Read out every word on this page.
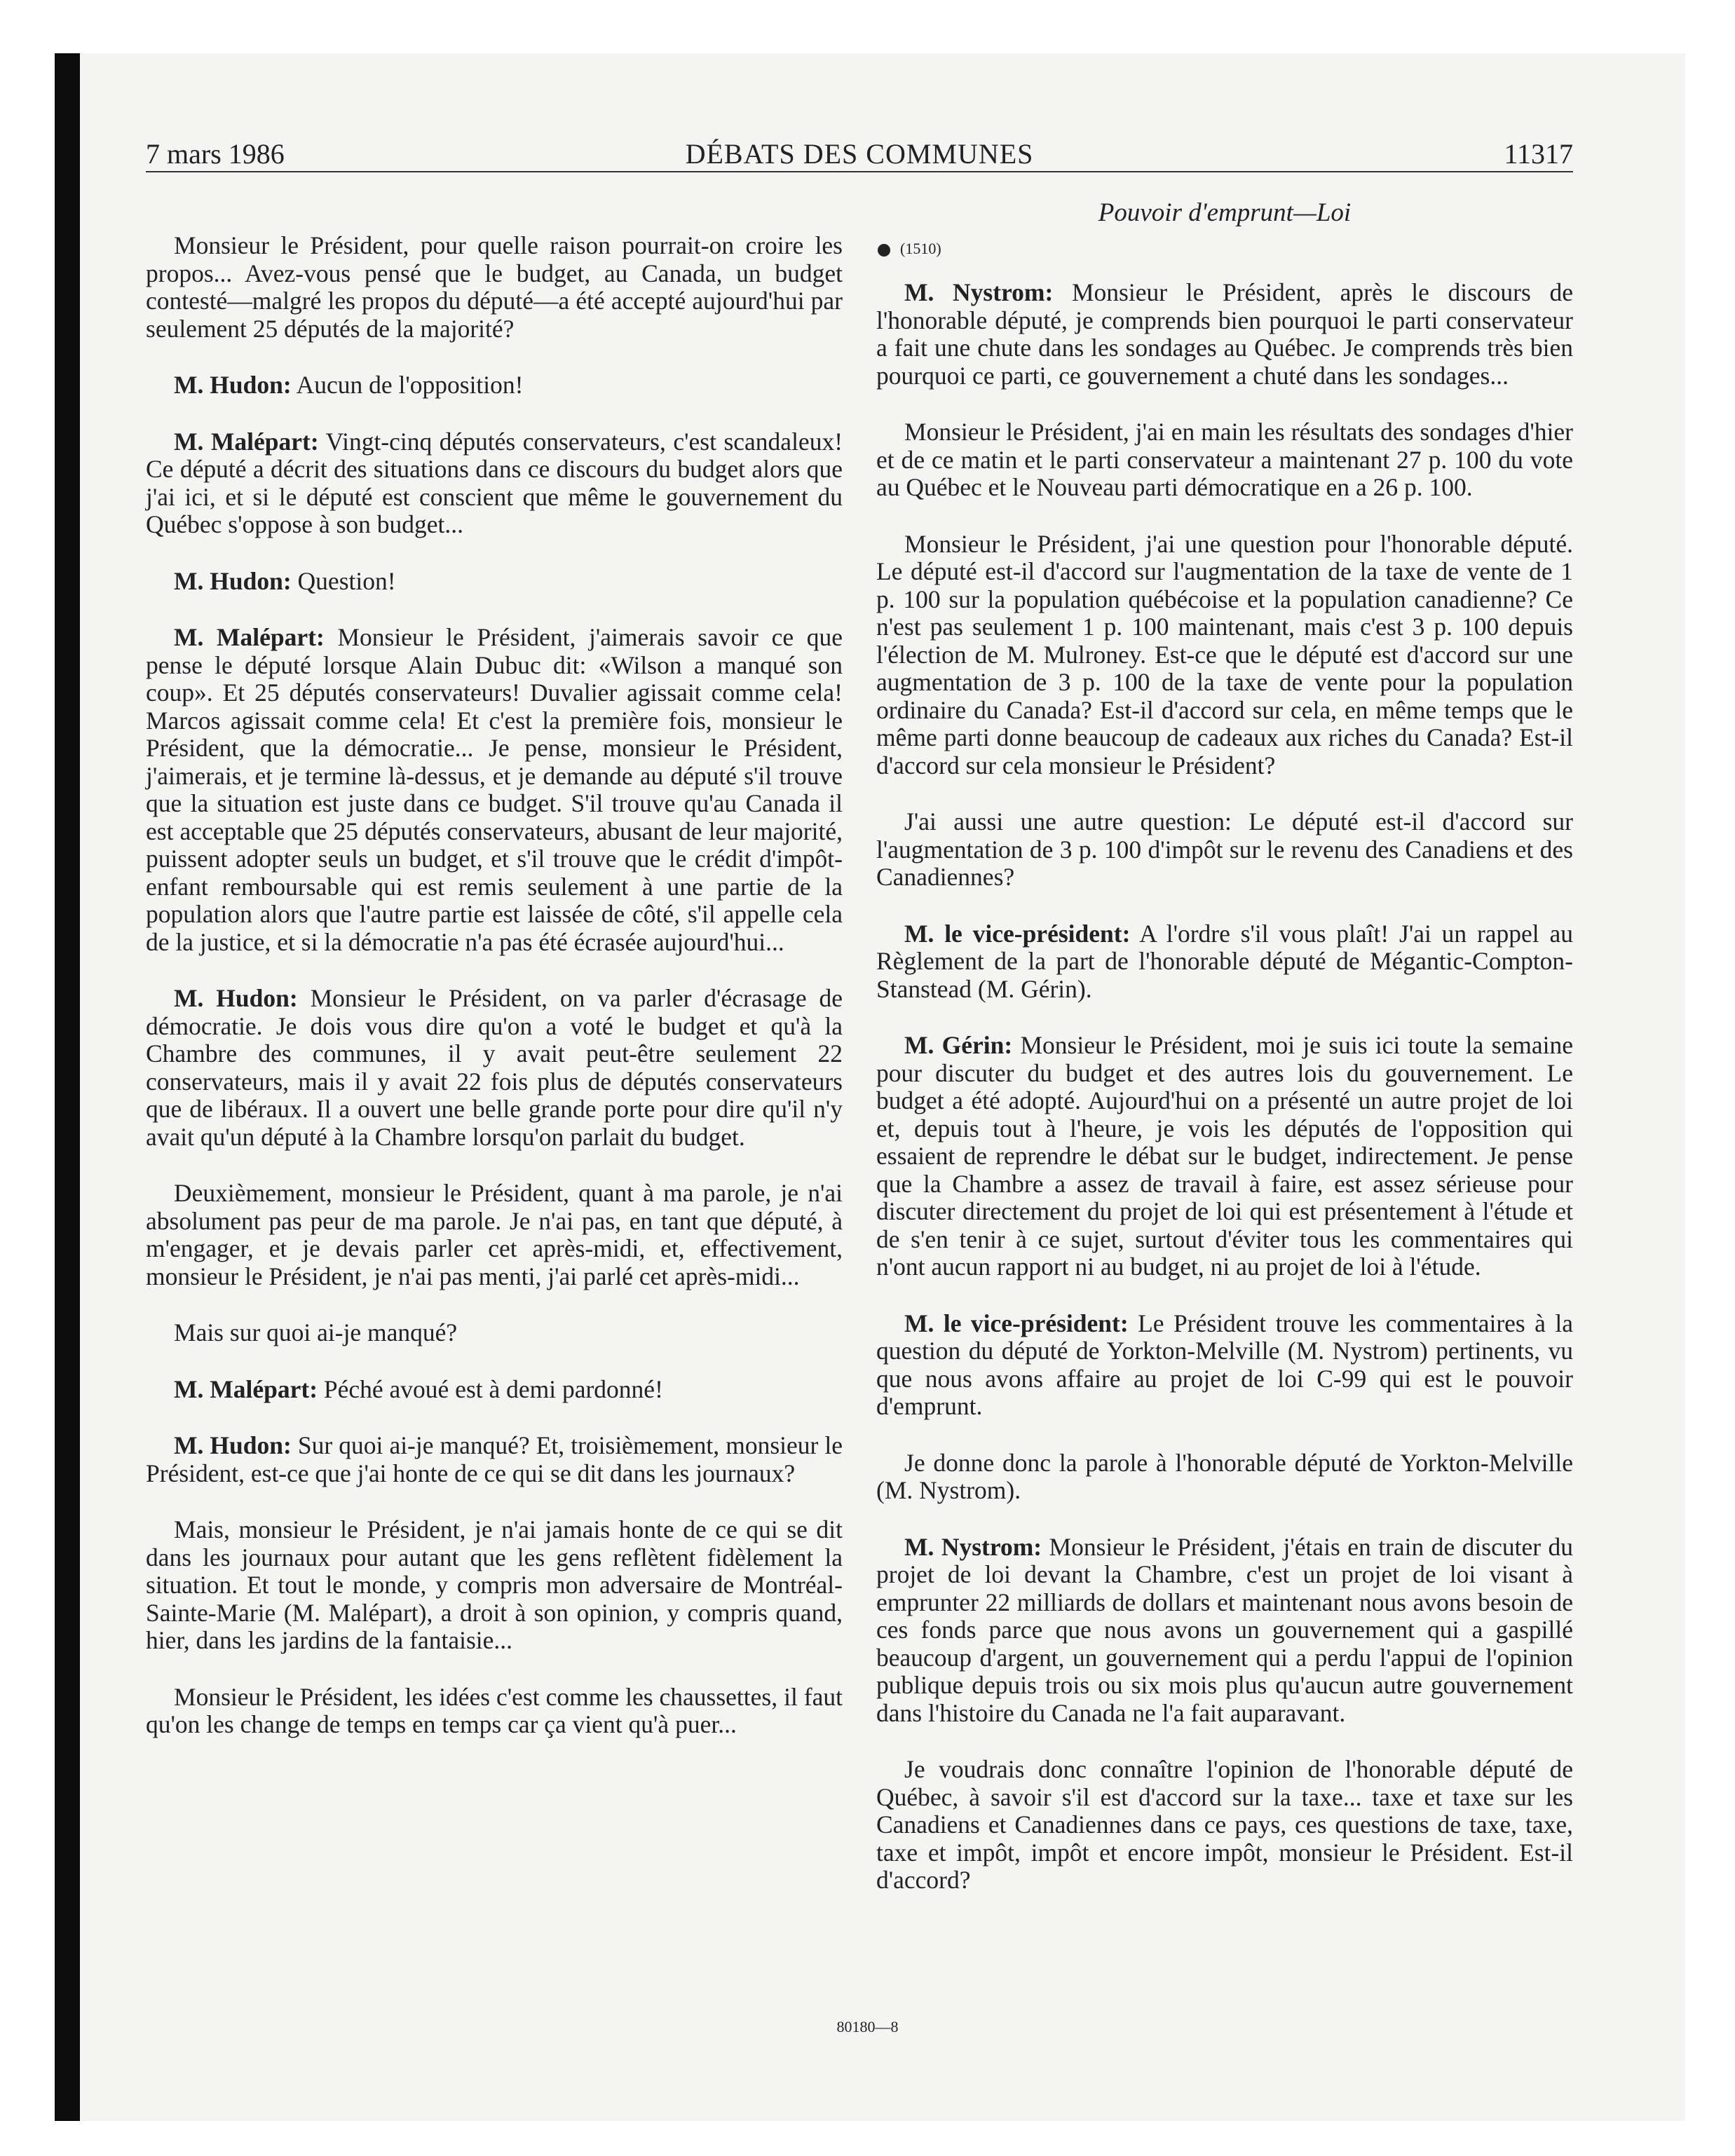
7 mars 1986	DÉBATS DES COMMUNES	11317
Pouvoir d'emprunt—Loi
(1510)

Monsieur le Président, pour quelle raison pourrait-on croire les propos... Avez-vous pensé que le budget, au Canada, un budget contesté—malgré les propos du député—a été accepté aujourd'hui par seulement 25 députés de la majorité?

M. Hudon: Aucun de l'opposition!

M. Malépart: Vingt-cinq députés conservateurs, c'est scandaleux! Ce député a décrit des situations dans ce discours du budget alors que j'ai ici, et si le député est conscient que même le gouvernement du Québec s'oppose à son budget...

M. Hudon: Question!

M. Malépart: Monsieur le Président, j'aimerais savoir ce que pense le député lorsque Alain Dubuc dit: «Wilson a manqué son coup». Et 25 députés conservateurs! Duvalier agissait comme cela! Marcos agissait comme cela! Et c'est la première fois, monsieur le Président, que la démocratie... Je pense, monsieur le Président, j'aimerais, et je termine là-dessus, et je demande au député s'il trouve que la situation est juste dans ce budget. S'il trouve qu'au Canada il est acceptable que 25 députés conservateurs, abusant de leur majorité, puissent adopter seuls un budget, et s'il trouve que le crédit d'impôt-enfant remboursable qui est remis seulement à une partie de la population alors que l'autre partie est laissée de côté, s'il appelle cela de la justice, et si la démocratie n'a pas été écrasée aujourd'hui...

M. Hudon: Monsieur le Président, on va parler d'écrasage de démocratie. Je dois vous dire qu'on a voté le budget et qu'à la Chambre des communes, il y avait peut-être seulement 22 conservateurs, mais il y avait 22 fois plus de députés conservateurs que de libéraux. Il a ouvert une belle grande porte pour dire qu'il n'y avait qu'un député à la Chambre lorsqu'on parlait du budget.

Deuxièmement, monsieur le Président, quant à ma parole, je n'ai absolument pas peur de ma parole. Je n'ai pas, en tant que député, à m'engager, et je devais parler cet après-midi, et, effectivement, monsieur le Président, je n'ai pas menti, j'ai parlé cet après-midi...

Mais sur quoi ai-je manqué?

M. Malépart: Péché avoué est à demi pardonné!

M. Hudon: Sur quoi ai-je manqué? Et, troisièmement, monsieur le Président, est-ce que j'ai honte de ce qui se dit dans les journaux?

Mais, monsieur le Président, je n'ai jamais honte de ce qui se dit dans les journaux pour autant que les gens reflètent fidèlement la situation. Et tout le monde, y compris mon adversaire de Montréal-Sainte-Marie (M. Malépart), a droit à son opinion, y compris quand, hier, dans les jardins de la fantaisie...

Monsieur le Président, les idées c'est comme les chaussettes, il faut qu'on les change de temps en temps car ça vient qu'à puer...

M. Nystrom: Monsieur le Président, après le discours de l'honorable député, je comprends bien pourquoi le parti conservateur a fait une chute dans les sondages au Québec. Je comprends très bien pourquoi ce parti, ce gouvernement a chuté dans les sondages...

Monsieur le Président, j'ai en main les résultats des sondages d'hier et de ce matin et le parti conservateur a maintenant 27 p. 100 du vote au Québec et le Nouveau parti démocratique en a 26 p. 100.

Monsieur le Président, j'ai une question pour l'honorable député. Le député est-il d'accord sur l'augmentation de la taxe de vente de 1 p. 100 sur la population québécoise et la population canadienne? Ce n'est pas seulement 1 p. 100 maintenant, mais c'est 3 p. 100 depuis l'élection de M. Mulroney. Est-ce que le député est d'accord sur une augmentation de 3 p. 100 de la taxe de vente pour la population ordinaire du Canada? Est-il d'accord sur cela, en même temps que le même parti donne beaucoup de cadeaux aux riches du Canada? Est-il d'accord sur cela monsieur le Président?

J'ai aussi une autre question: Le député est-il d'accord sur l'augmentation de 3 p. 100 d'impôt sur le revenu des Canadiens et des Canadiennes?

M. le vice-président: A l'ordre s'il vous plaît! J'ai un rappel au Règlement de la part de l'honorable député de Mégantic-Compton-Stanstead (M. Gérin).

M. Gérin: Monsieur le Président, moi je suis ici toute la semaine pour discuter du budget et des autres lois du gouvernement. Le budget a été adopté. Aujourd'hui on a présenté un autre projet de loi et, depuis tout à l'heure, je vois les députés de l'opposition qui essaient de reprendre le débat sur le budget, indirectement. Je pense que la Chambre a assez de travail à faire, est assez sérieuse pour discuter directement du projet de loi qui est présentement à l'étude et de s'en tenir à ce sujet, surtout d'éviter tous les commentaires qui n'ont aucun rapport ni au budget, ni au projet de loi à l'étude.

M. le vice-président: Le Président trouve les commentaires à la question du député de Yorkton-Melville (M. Nystrom) pertinents, vu que nous avons affaire au projet de loi C-99 qui est le pouvoir d'emprunt.

Je donne donc la parole à l'honorable député de Yorkton-Melville (M. Nystrom).

M. Nystrom: Monsieur le Président, j'étais en train de discuter du projet de loi devant la Chambre, c'est un projet de loi visant à emprunter 22 milliards de dollars et maintenant nous avons besoin de ces fonds parce que nous avons un gouvernement qui a gaspillé beaucoup d'argent, un gouvernement qui a perdu l'appui de l'opinion publique depuis trois ou six mois plus qu'aucun autre gouvernement dans l'histoire du Canada ne l'a fait auparavant.

Je voudrais donc connaître l'opinion de l'honorable député de Québec, à savoir s'il est d'accord sur la taxe... taxe et taxe sur les Canadiens et Canadiennes dans ce pays, ces questions de taxe, taxe, taxe et impôt, impôt et encore impôt, monsieur le Président. Est-il d'accord?

80180—8
